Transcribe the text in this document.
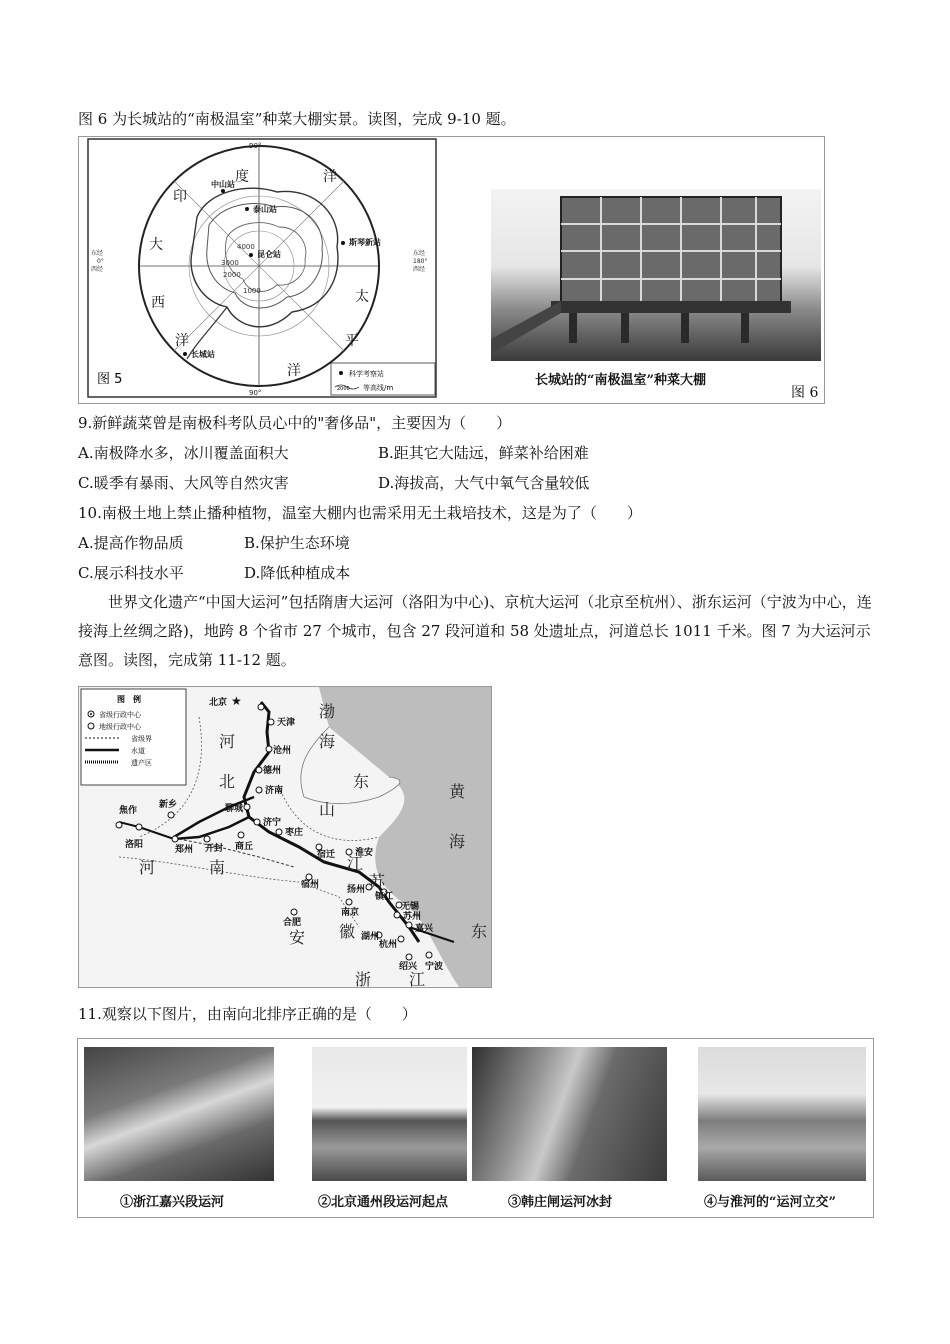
图 6 为长城站的“南极温室”种菜大棚实景。读图，完成 9-10 题。
90°
90°
印
度	洋
大
西
洋
太
平
洋
中山站
泰山站
昆仑站
斯琴新站
长城站
4000
3000
2000
1000
东经
0°
西经
东经
180°
西经
图 5	科学考察站
2000 等高线/m	长城站的“南极温室”种菜大棚
图 6
9.新鲜蔬菜曾是南极科考队员心中的"奢侈品"，主要因为（　　）
A.南极降水多，冰川覆盖面积大	B.距其它大陆远，鲜菜补给困难
C.暖季有暴雨、大风等自然灾害	D.海拔高，大气中氧气含量较低
10.南极土地上禁止播种植物，温室大棚内也需采用无土栽培技术，这是为了（　　）
A.提高作物品质	B.保护生态环境
C.展示科技水平	D.降低种植成本
世界文化遗产“中国大运河”包括隋唐大运河（洛阳为中心)、京杭大运河（北京至杭州）、浙东运河（宁波为中心，连接海上丝绸之路)，地跨 8 个省市 27 个城市，包含 27 段河道和 58 处遗址点，河道总长 1011 千米。图 7 为大运河示意图。读图，完成第 11-12 题。
图　例
省级行政中心
地级行政中心
省级界
水道
遗产区
北京
天津
沧州
德州
济南
聊城
济宁
枣庄
宿迁 淮安
扬州
镇江
无锡
苏州
嘉兴
杭州
绍兴 宁波
湖州
南京
合肥
宿州
商丘
开封
郑州
洛阳
焦作
新乡
河
北
山
东
河	南
安 徽
江
苏
浙 江
渤
海
黄
海
东
★
11.观察以下图片，由南向北排序正确的是（　　）
①浙江嘉兴段运河	②北京通州段运河起点	③韩庄闸运河冰封	④与淮河的“运河立交”
